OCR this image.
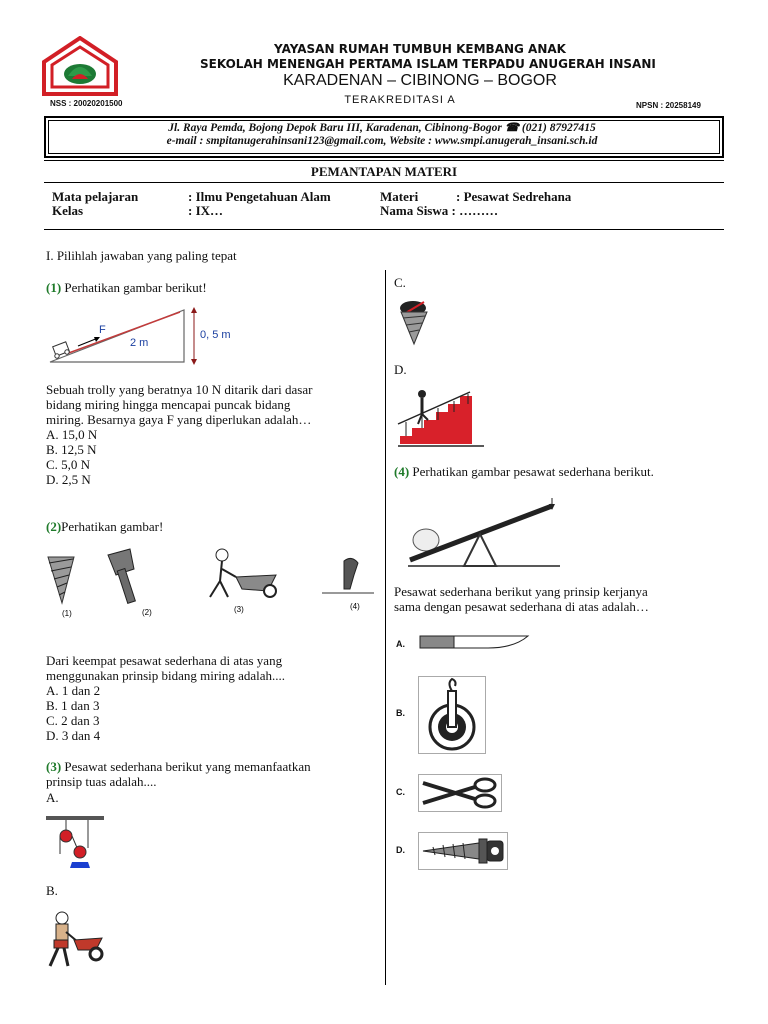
YAYASAN RUMAH TUMBUH KEMBANG ANAK
SEKOLAH MENENGAH PERTAMA ISLAM TERPADU ANUGERAH INSANI
KARADENAN – CIBINONG – BOGOR
NSS : 20020201500	TERAKREDITASI A	NPSN : 20258149
Jl. Raya Pemda, Bojong Depok Baru III, Karadenan, Cibinong-Bogor ☎ (021) 87927415
e-mail : smpitanugerahinsani123@gmail.com, Website : www.smpi.anugerah_insani.sch.id
PEMANTAPAN MATERI
Mata pelajaran	: Ilmu Pengetahuan Alam
Kelas	: IX…
Materi	: Pesawat Sedrehana
Nama Siswa : ………
I. Pilihlah jawaban yang paling tepat
(1) Perhatikan gambar berikut!
F
2 m
0, 5 m
Sebuah trolly yang beratnya 10 N ditarik dari dasar
bidang miring hingga mencapai puncak bidang
miring. Besarnya gaya F yang diperlukan adalah…
A. 15,0 N
B. 12,5 N
C. 5,0 N
D. 2,5 N
(2)Perhatikan gambar!
(1)	(2)	(3)	(4)
Dari keempat pesawat sederhana di atas yang
menggunakan prinsip bidang miring adalah....
A. 1 dan 2
B. 1 dan 3
C. 2 dan 3
D. 3 dan 4
(3) Pesawat sederhana berikut yang memanfaatkan
prinsip tuas adalah....
A.
B.
C.
D.
(4) Perhatikan gambar pesawat sederhana berikut.
Pesawat sederhana berikut yang prinsip kerjanya
sama dengan pesawat sederhana di atas adalah…
A.
B.
C.
D.
